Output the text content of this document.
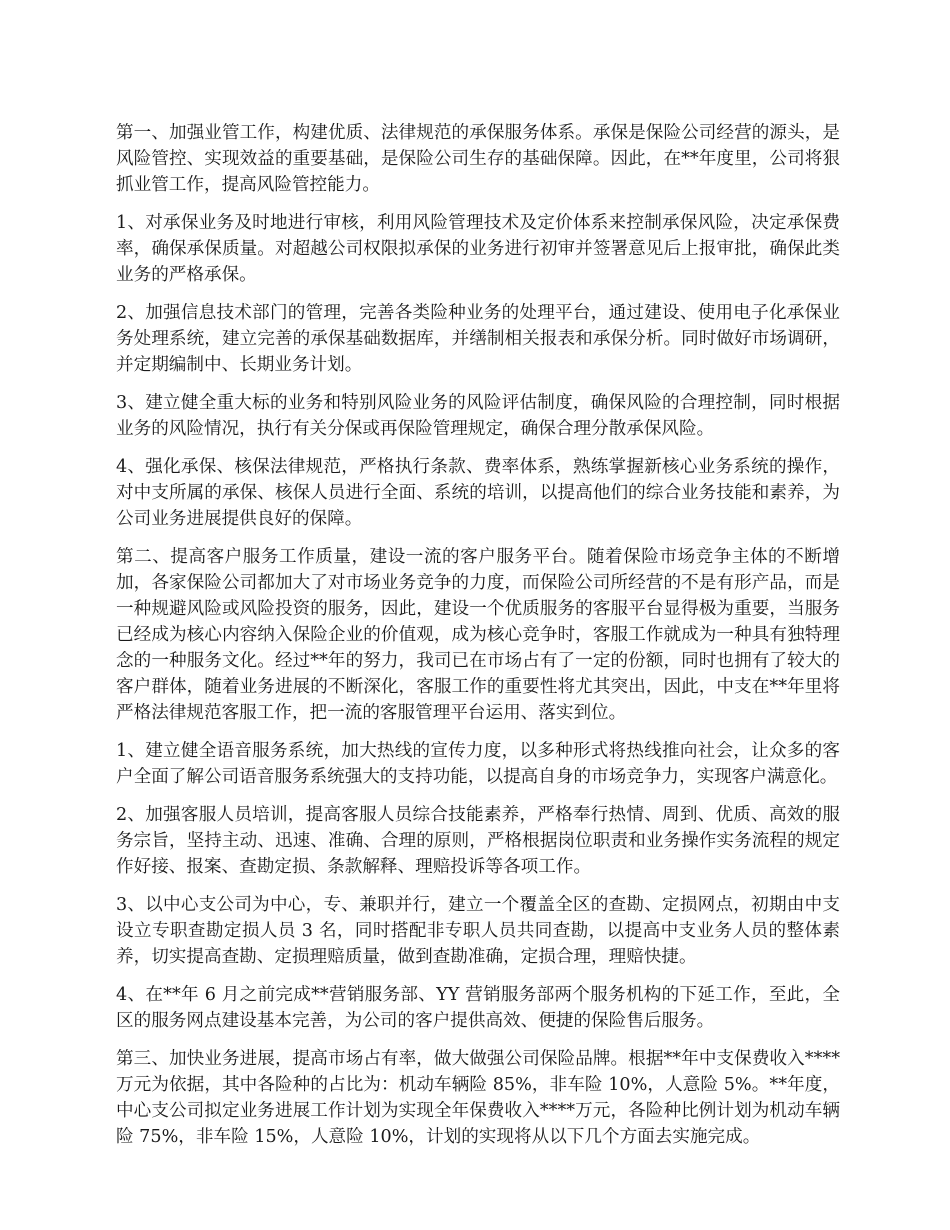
第一、加强业管工作，构建优质、法律规范的承保服务体系。承保是保险公司经营的源头，是风险管控、实现效益的重要基础，是保险公司生存的基础保障。因此，在**年度里，公司将狠抓业管工作，提高风险管控能力。

1、对承保业务及时地进行审核，利用风险管理技术及定价体系来控制承保风险，决定承保费率，确保承保质量。对超越公司权限拟承保的业务进行初审并签署意见后上报审批，确保此类业务的严格承保。

2、加强信息技术部门的管理，完善各类险种业务的处理平台，通过建设、使用电子化承保业务处理系统，建立完善的承保基础数据库，并缮制相关报表和承保分析。同时做好市场调研，并定期编制中、长期业务计划。

3、建立健全重大标的业务和特别风险业务的风险评估制度，确保风险的合理控制，同时根据业务的风险情况，执行有关分保或再保险管理规定，确保合理分散承保风险。

4、强化承保、核保法律规范，严格执行条款、费率体系，熟练掌握新核心业务系统的操作，对中支所属的承保、核保人员进行全面、系统的培训，以提高他们的综合业务技能和素养，为公司业务进展提供良好的保障。

第二、提高客户服务工作质量，建设一流的客户服务平台。随着保险市场竞争主体的不断增加，各家保险公司都加大了对市场业务竞争的力度，而保险公司所经营的不是有形产品，而是一种规避风险或风险投资的服务，因此，建设一个优质服务的客服平台显得极为重要，当服务已经成为核心内容纳入保险企业的价值观，成为核心竞争时，客服工作就成为一种具有独特理念的一种服务文化。经过**年的努力，我司已在市场占有了一定的份额，同时也拥有了较大的客户群体，随着业务进展的不断深化，客服工作的重要性将尤其突出，因此，中支在**年里将严格法律规范客服工作，把一流的客服管理平台运用、落实到位。

1、建立健全语音服务系统，加大热线的宣传力度，以多种形式将热线推向社会，让众多的客户全面了解公司语音服务系统强大的支持功能，以提高自身的市场竞争力，实现客户满意化。

2、加强客服人员培训，提高客服人员综合技能素养，严格奉行热情、周到、优质、高效的服务宗旨，坚持主动、迅速、准确、合理的原则，严格根据岗位职责和业务操作实务流程的规定作好接、报案、查勘定损、条款解释、理赔投诉等各项工作。

3、以中心支公司为中心，专、兼职并行，建立一个覆盖全区的查勘、定损网点，初期由中支设立专职查勘定损人员 3 名，同时搭配非专职人员共同查勘，以提高中支业务人员的整体素养，切实提高查勘、定损理赔质量，做到查勘准确，定损合理，理赔快捷。

4、在**年 6 月之前完成**营销服务部、YY 营销服务部两个服务机构的下延工作，至此，全区的服务网点建设基本完善，为公司的客户提供高效、便捷的保险售后服务。

第三、加快业务进展，提高市场占有率，做大做强公司保险品牌。根据**年中支保费收入****万元为依据，其中各险种的占比为：机动车辆险 85%，非车险 10%，人意险 5%。**年度，中心支公司拟定业务进展工作计划为实现全年保费收入****万元，各险种比例计划为机动车辆险 75%，非车险 15%，人意险 10%，计划的实现将从以下几个方面去实施完成。
